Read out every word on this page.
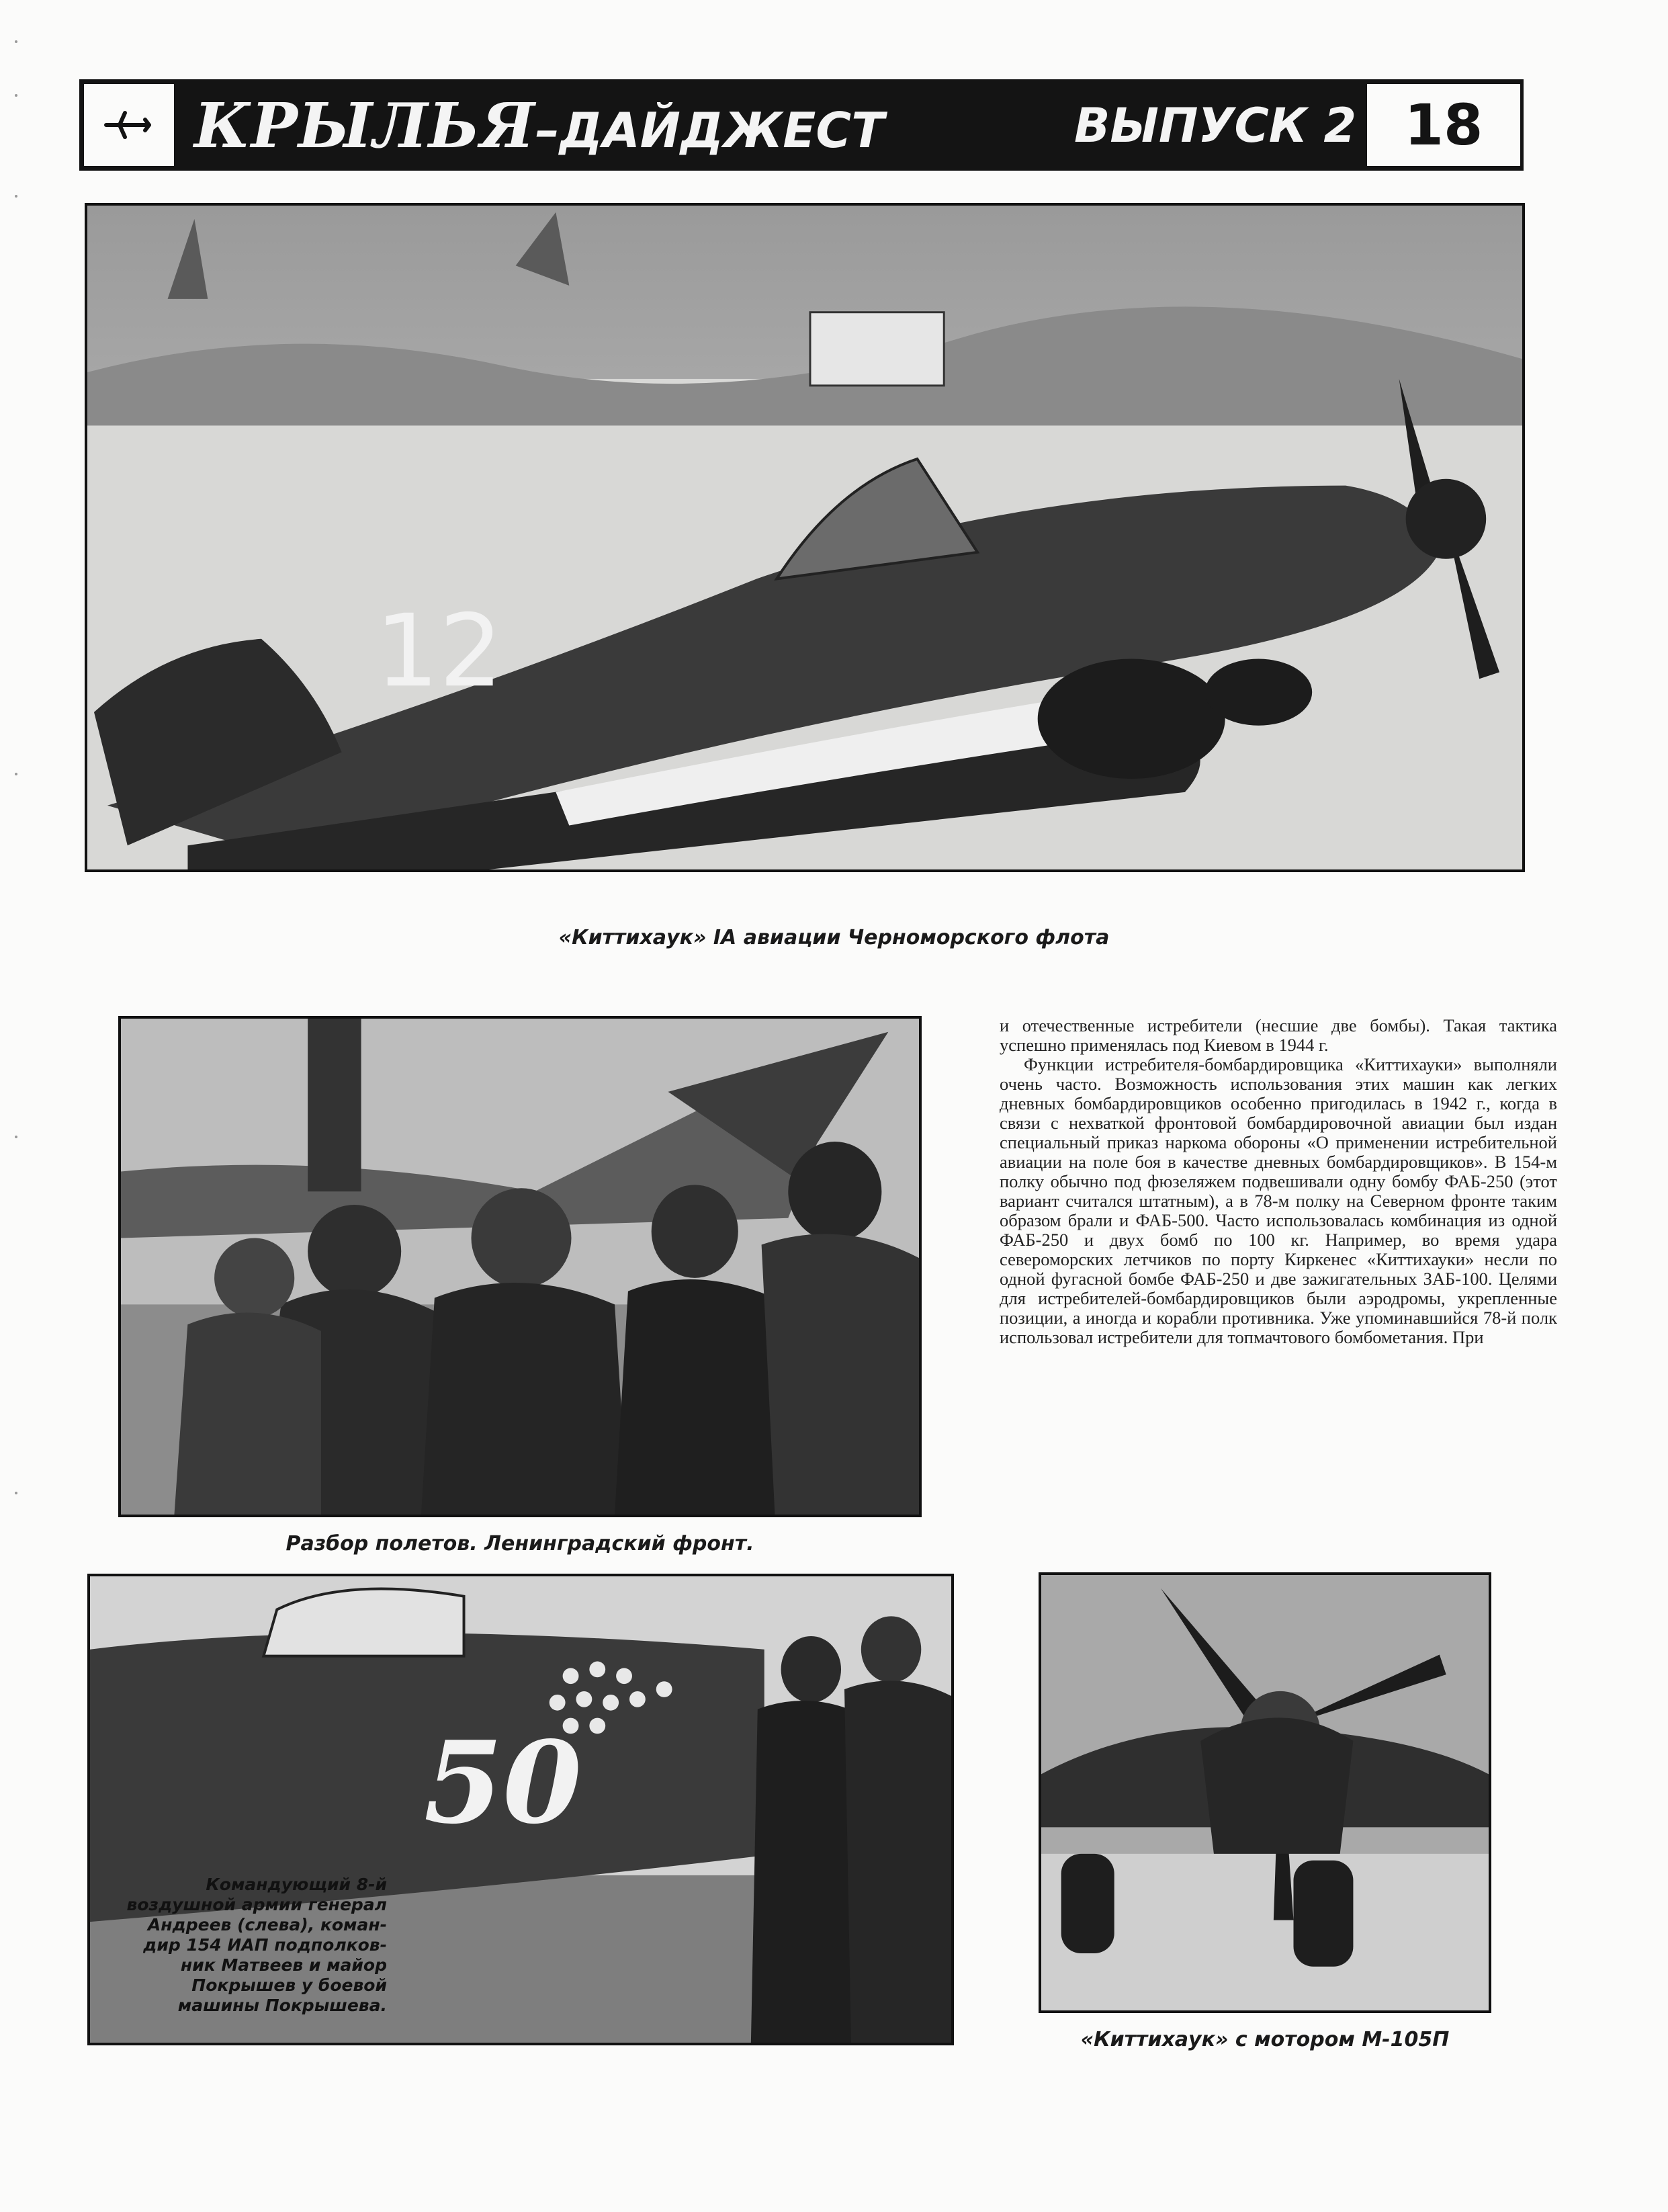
КРЫЛЬЯ–ДАЙДЖЕСТ	ВЫПУСК 2 18
12
«Киттихаук» IA авиации Черноморского флота
Разбор полетов. Ленинградский фронт.

и отечественные истребители (несшие две бомбы). Такая тактика успешно применялась под Киевом в 1944 г.

Функции истребителя-бомбардировщика «Киттихауки» выполняли очень часто. Возможность использования этих машин как легких дневных бомбардировщиков особенно пригодилась в 1942 г., когда в связи с нехваткой фронтовой бомбардировочной авиации был издан специальный приказ наркома обороны «О применении истребительной авиации на поле боя в качестве дневных бомбардировщиков». В 154-м полку обычно под фюзеляжем подвешивали одну бомбу ФАБ-250 (этот вариант считался штатным), а в 78-м полку на Северном фронте таким образом брали и ФАБ-500. Часто использовалась комбинация из одной ФАБ-250 и двух бомб по 100 кг. Например, во время удара североморских летчиков по порту Киркенес «Киттихауки» несли по одной фугасной бомбе ФАБ-250 и две зажигательных ЗАБ-100. Целями для истребителей-бомбардировщиков были аэродромы, укрепленные позиции, а иногда и корабли противника. Уже упоминавшийся 78-й полк использовал истребители для топмачтового бомбометания. При

50
Командующий 8-й
воздушной армии генерал
Андреев (слева), коман-
дир 154 ИАП подполков-
ник Матвеев и майор
Покрышев у боевой
машины Покрышева.
«Киттихаук» с мотором М-105П
